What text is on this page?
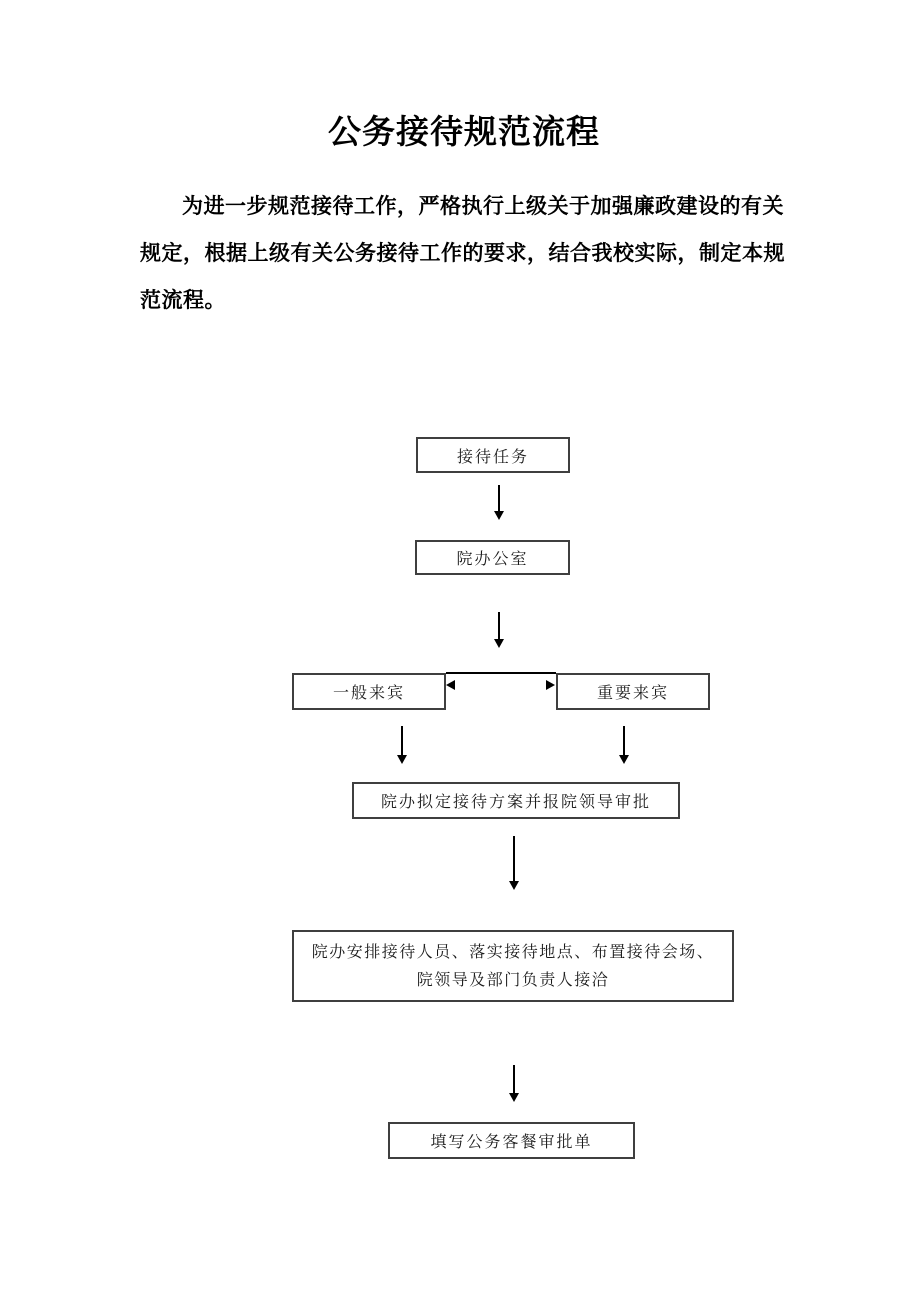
公务接待规范流程
为进一步规范接待工作，严格执行上级关于加强廉政建设的有关
规定，根据上级有关公务接待工作的要求，结合我校实际，制定本规
范流程。
接待任务
院办公室
一般来宾	重要来宾
院办拟定接待方案并报院领导审批
院办安排接待人员、落实接待地点、布置接待会场、
院领导及部门负责人接洽
填写公务客餐审批单
